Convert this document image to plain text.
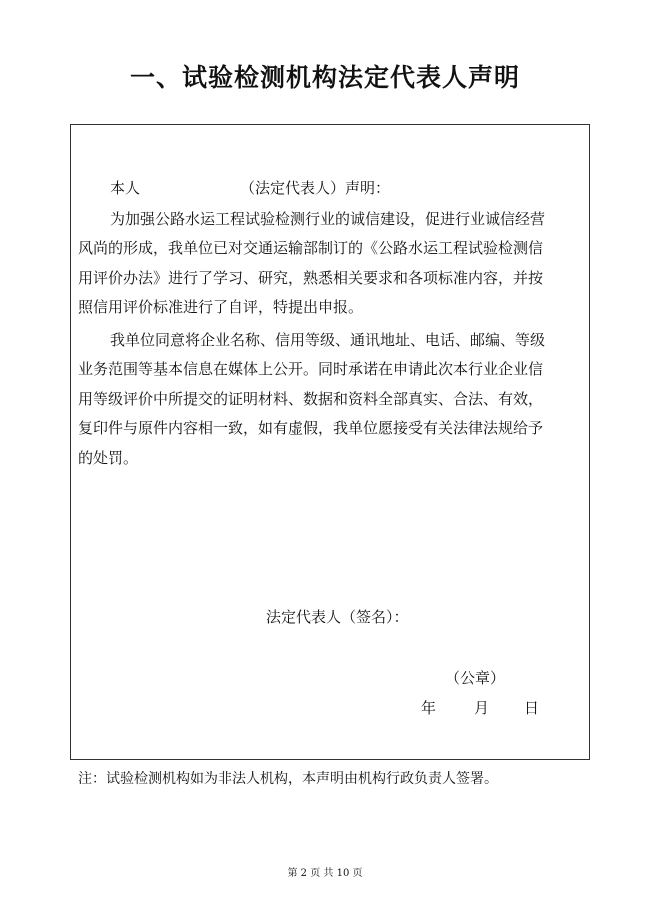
一、试验检测机构法定代表人声明
本人	（法定代表人）声明：
为加强公路水运工程试验检测行业的诚信建设，促进行业诚信经营
风尚的形成，我单位已对交通运输部制订的《公路水运工程试验检测信
用评价办法》进行了学习、研究，熟悉相关要求和各项标准内容，并按
照信用评价标准进行了自评，特提出申报。
我单位同意将企业名称、信用等级、通讯地址、电话、邮编、等级
业务范围等基本信息在媒体上公开。同时承诺在申请此次本行业企业信
用等级评价中所提交的证明材料、数据和资料全部真实、合法、有效，
复印件与原件内容相一致，如有虚假，我单位愿接受有关法律法规给予
的处罚。
法定代表人（签名）：
（公章）
年	月 日
注：试验检测机构如为非法人机构，本声明由机构行政负责人签署。
第 2 页 共 10 页
